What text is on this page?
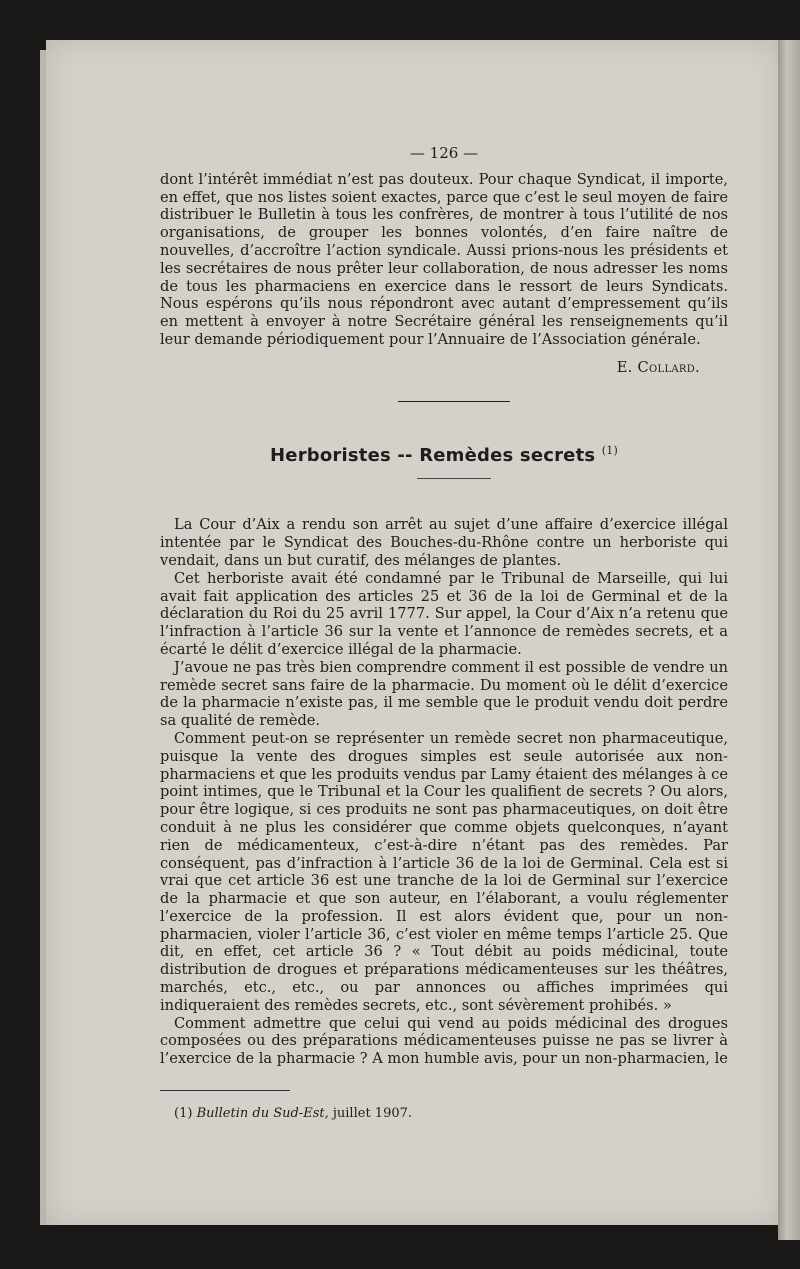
— 126 —

dont l’intérêt immédiat n’est pas douteux. Pour chaque Syndicat, il importe, en effet, que nos listes soient exactes, parce que c’est le seul moyen de faire distribuer le Bulletin à tous les confrères, de montrer à tous l’utilité de nos organisations, de grouper les bonnes volontés, d’en faire naître de nouvelles, d’accroître l’action syndicale. Aussi prions-nous les présidents et les secrétaires de nous prêter leur collaboration, de nous adresser les noms de tous les pharmaciens en exercice dans le ressort de leurs Syndicats. Nous espérons qu’ils nous répondront avec autant d’empressement qu’ils en mettent à envoyer à notre Secrétaire général les renseignements qu’il leur demande périodiquement pour l’Annuaire de l’Association générale.

E. Collard.
Herboristes -- Remèdes secrets $^{(1)}$

La Cour d’Aix a rendu son arrêt au sujet d’une affaire d’exercice illégal intentée par le Syndicat des Bouches-du-Rhône contre un herboriste qui vendait, dans un but curatif, des mélanges de plantes.

Cet herboriste avait été condamné par le Tribunal de Marseille, qui lui avait fait application des articles 25 et 36 de la loi de Germinal et de la déclaration du Roi du 25 avril 1777. Sur appel, la Cour d’Aix n’a retenu que l’infraction à l’article 36 sur la vente et l’annonce de remèdes secrets, et a écarté le délit d’exercice illégal de la pharmacie.

J’avoue ne pas très bien comprendre comment il est possible de vendre un remède secret sans faire de la pharmacie. Du moment où le délit d’exercice de la pharmacie n’existe pas, il me semble que le produit vendu doit perdre sa qualité de remède.

Comment peut-on se représenter un remède secret non pharmaceutique, puisque la vente des drogues simples est seule autorisée aux non-pharmaciens et que les produits vendus par Lamy étaient des mélanges à ce point intimes, que le Tribunal et la Cour les qualifient de secrets ? Ou alors, pour être logique, si ces produits ne sont pas pharmaceutiques, on doit être conduit à ne plus les considérer que comme objets quelconques, n’ayant rien de médicamenteux, c’est-à-dire n’étant pas des remèdes. Par conséquent, pas d’infraction à l’article 36 de la loi de Germinal. Cela est si vrai que cet article 36 est une tranche de la loi de Germinal sur l’exercice de la pharmacie et que son auteur, en l’élaborant, a voulu réglementer l’exercice de la profession. Il est alors évident que, pour un non-pharmacien, violer l’article 36, c’est violer en même temps l’article 25. Que dit, en effet, cet article 36 ? « Tout débit au poids médicinal, toute distribution de drogues et préparations médicamenteuses sur les théâtres, marchés, etc., etc., ou par annonces ou affiches imprimées qui indiqueraient des remèdes secrets, etc., sont sévèrement prohibés. »

Comment admettre que celui qui vend au poids médicinal des drogues composées ou des préparations médicamenteuses puisse ne pas se livrer à l’exercice de la pharmacie ? A mon humble avis, pour un non-pharmacien, le

(1) Bulletin du Sud-Est, juillet 1907.
